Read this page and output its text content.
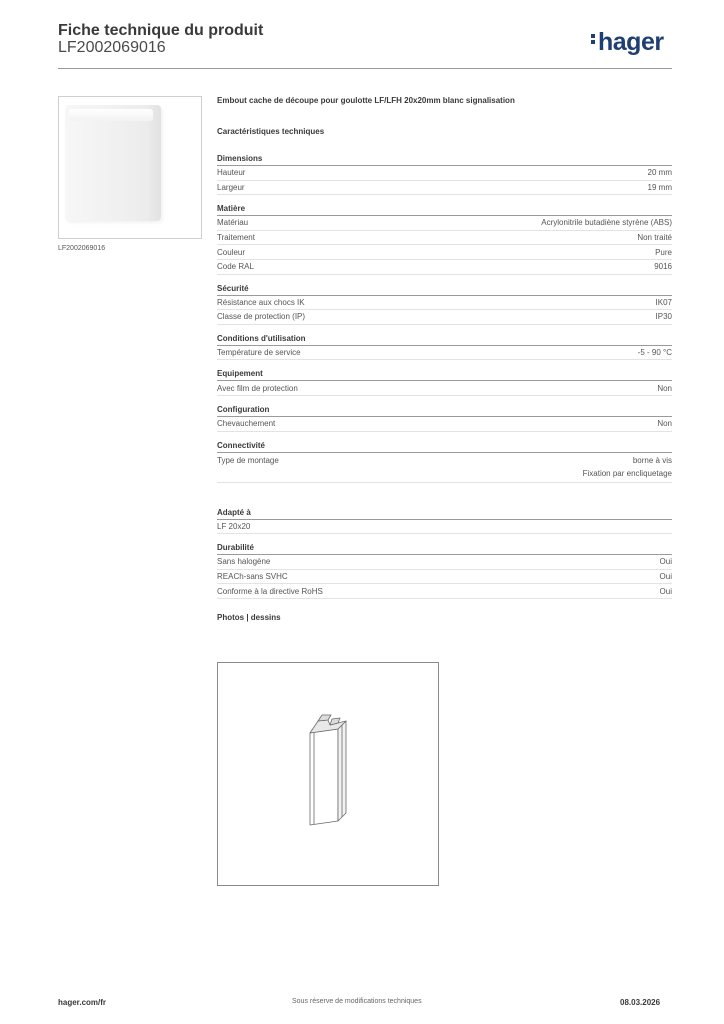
Fiche technique du produit
LF2002069016	hager
LF2002069016
Embout cache de découpe pour goulotte LF/LFH 20x20mm blanc signalisation
Caractéristiques techniques
Dimensions
Hauteur	20 mm
Largeur	19 mm
Matière
Matériau	Acrylonitrile butadiène styrène (ABS)
Traitement	Non traité
Couleur	Pure
Code RAL	9016
Sécurité
Résistance aux chocs IK	IK07
Classe de protection (IP)	IP30
Conditions d'utilisation
Température de service	-5 - 90 °C
Equipement
Avec film de protection	Non
Configuration
Chevauchement	Non
Connectivité
Type de montage	borne à vis
Fixation par encliquetage
Adapté à
LF 20x20
Durabilité
Sans halogène	Oui
REACh-sans SVHC	Oui
Conforme à la directive RoHS	Oui
Photos | dessins
hager.com/fr	Sous réserve de modifications techniques	08.03.2026
